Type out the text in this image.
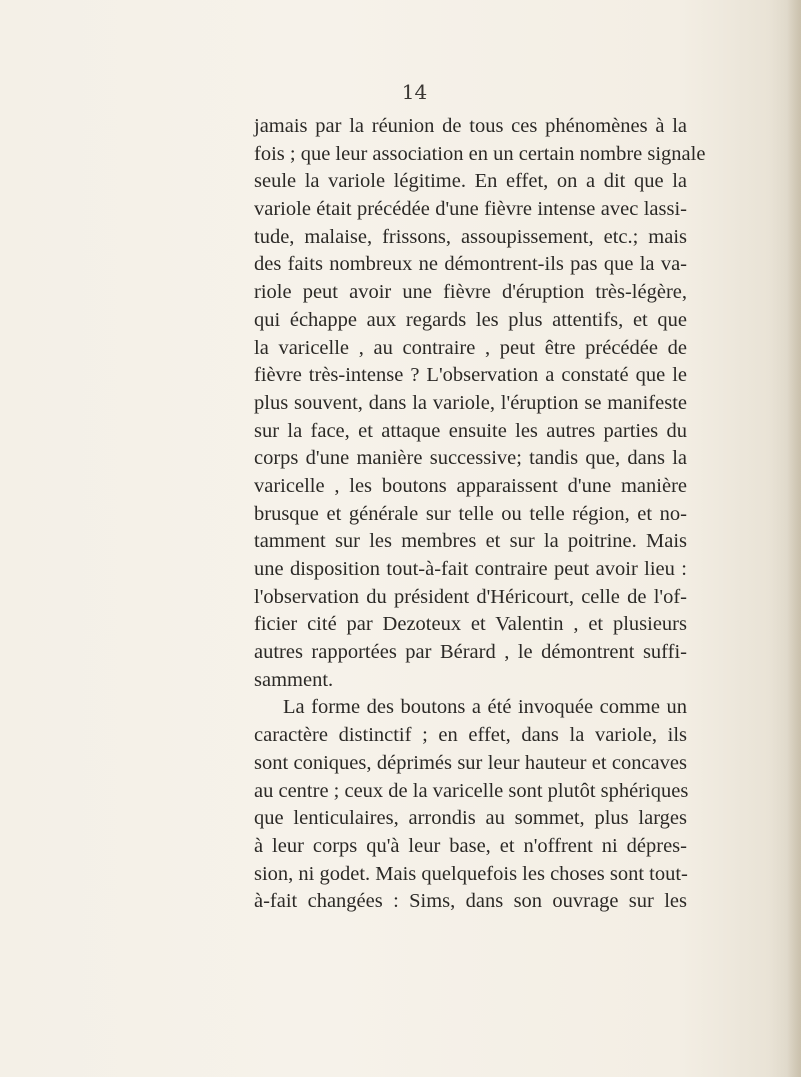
14
jamais par la réunion de tous ces phénomènes à la
fois ; que leur association en un certain nombre signale
seule la variole légitime. En effet, on a dit que la
variole était précédée d'une fièvre intense avec lassi-
tude, malaise, frissons, assoupissement, etc.; mais
des faits nombreux ne démontrent-ils pas que la va-
riole peut avoir une fièvre d'éruption très-légère,
qui échappe aux regards les plus attentifs, et que
la varicelle , au contraire , peut être précédée de
fièvre très-intense ? L'observation a constaté que le
plus souvent, dans la variole, l'éruption se manifeste
sur la face, et attaque ensuite les autres parties du
corps d'une manière successive; tandis que, dans la
varicelle , les boutons apparaissent d'une manière
brusque et générale sur telle ou telle région, et no-
tamment sur les membres et sur la poitrine. Mais
une disposition tout-à-fait contraire peut avoir lieu :
l'observation du président d'Héricourt, celle de l'of-
ficier cité par Dezoteux et Valentin , et plusieurs
autres rapportées par Bérard , le démontrent suffi-
samment.
La forme des boutons a été invoquée comme un
caractère distinctif ; en effet, dans la variole, ils
sont coniques, déprimés sur leur hauteur et concaves
au centre ; ceux de la varicelle sont plutôt sphériques
que lenticulaires, arrondis au sommet, plus larges
à leur corps qu'à leur base, et n'offrent ni dépres-
sion, ni godet. Mais quelquefois les choses sont tout-
à-fait changées : Sims, dans son ouvrage sur les
